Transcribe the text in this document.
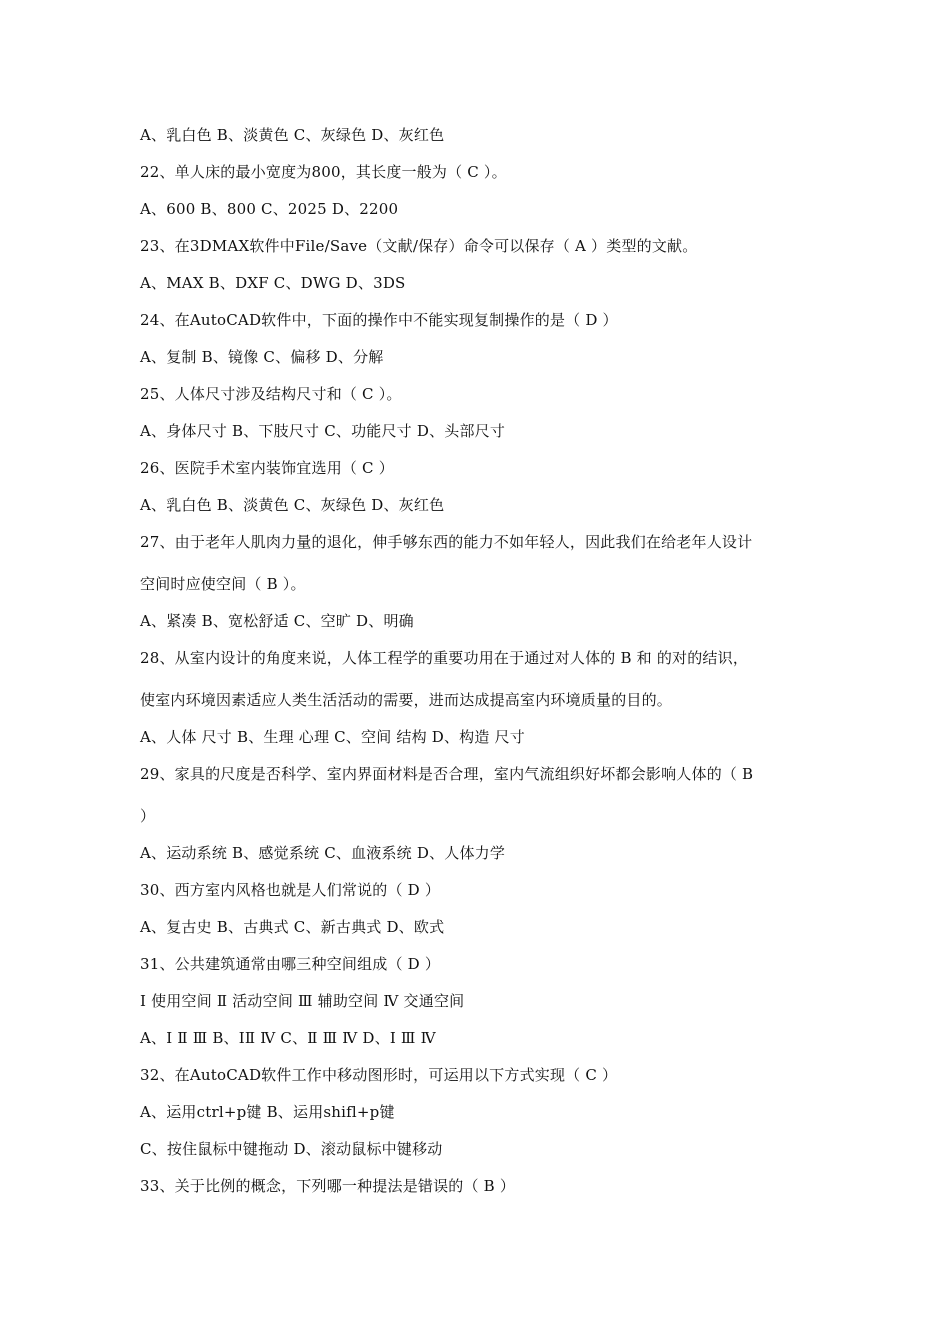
A、乳白色 B、淡黄色 C、灰绿色 D、灰红色
22、单人床的最小宽度为800，其长度一般为（ C ）。
A、600 B、800 C、2025 D、2200
23、在3DMAX软件中File/Save（文献/保存）命令可以保存（ A ）类型的文献。
A、MAX B、DXF C、DWG D、3DS
24、在AutoCAD软件中，下面的操作中不能实现复制操作的是（ D ）
A、复制 B、镜像 C、偏移 D、分解
25、人体尺寸涉及结构尺寸和（ C ）。
A、身体尺寸 B、下肢尺寸 C、功能尺寸 D、头部尺寸
26、医院手术室内装饰宜选用（ C ）
A、乳白色 B、淡黄色 C、灰绿色 D、灰红色
27、由于老年人肌肉力量的退化，伸手够东西的能力不如年轻人，因此我们在给老年人设计
空间时应使空间（ B ）。
A、紧凑 B、宽松舒适 C、空旷 D、明确
28、从室内设计的角度来说，人体工程学的重要功用在于通过对人体的 B 和 的对的结识，
使室内环境因素适应人类生活活动的需要，进而达成提高室内环境质量的目的。
A、人体 尺寸 B、生理 心理 C、空间 结构 D、构造 尺寸
29、家具的尺度是否科学、室内界面材料是否合理，室内气流组织好坏都会影响人体的（ B
）
A、运动系统 B、感觉系统 C、血液系统 D、人体力学
30、西方室内风格也就是人们常说的（ D ）
A、复古史 B、古典式 C、新古典式 D、欧式
31、公共建筑通常由哪三种空间组成（ D ）
Ⅰ 使用空间 Ⅱ 活动空间 Ⅲ 辅助空间 Ⅳ 交通空间
A、Ⅰ Ⅱ Ⅲ B、ⅠⅡ Ⅳ C、Ⅱ Ⅲ Ⅳ D、Ⅰ Ⅲ Ⅳ
32、在AutoCAD软件工作中移动图形时，可运用以下方式实现（ C ）
A、运用ctrl+p键 B、运用shifl+p键
C、按住鼠标中键拖动 D、滚动鼠标中键移动
33、关于比例的概念，下列哪一种提法是错误的（ B ）
